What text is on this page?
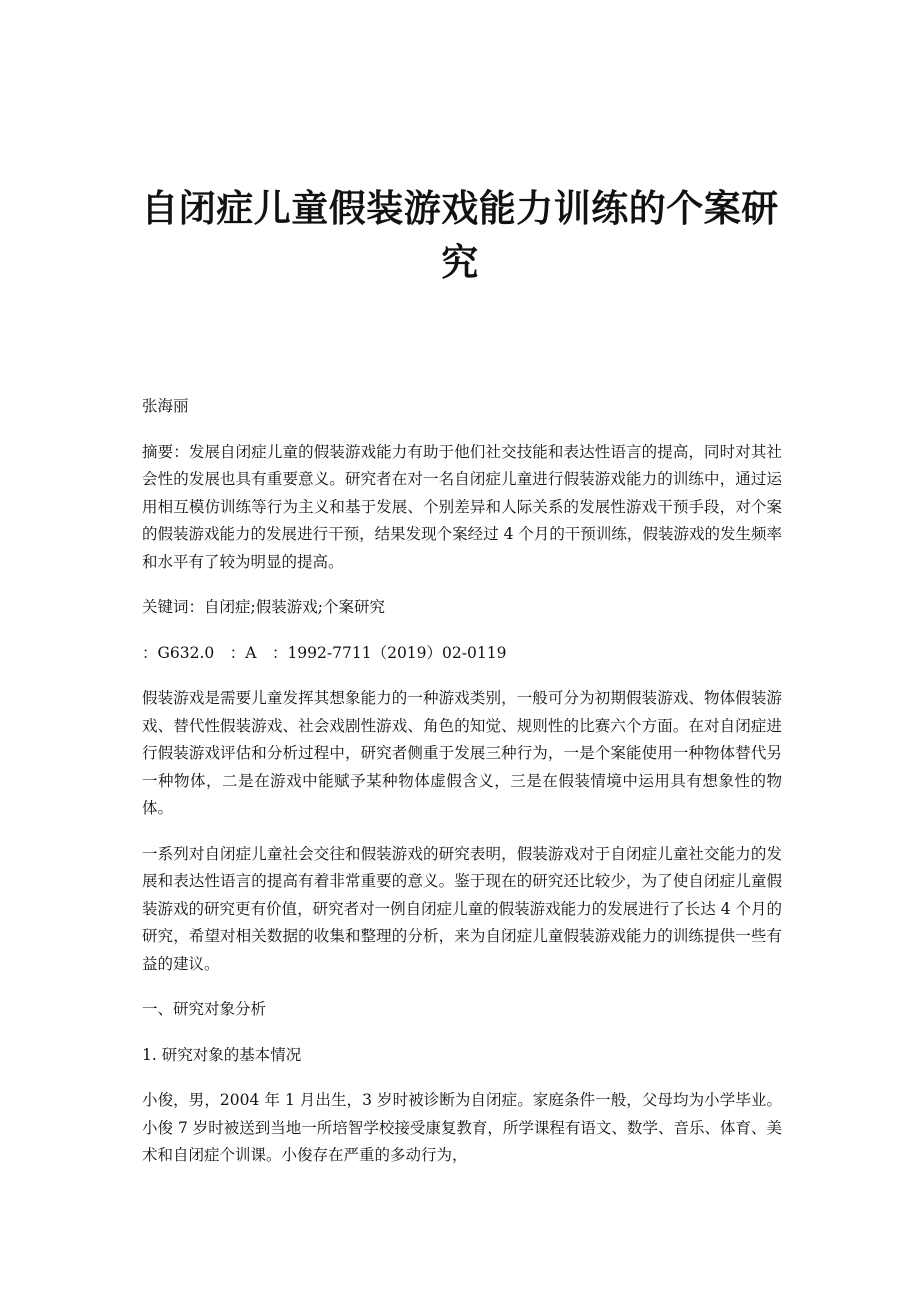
自闭症儿童假装游戏能力训练的个案研究

张海丽

摘要：发展自闭症儿童的假装游戏能力有助于他们社交技能和表达性语言的提高，同时对其社会性的发展也具有重要意义。研究者在对一名自闭症儿童进行假装游戏能力的训练中，通过运用相互模仿训练等行为主义和基于发展、个别差异和人际关系的发展性游戏干预手段，对个案的假装游戏能力的发展进行干预，结果发现个案经过 4 个月的干预训练，假装游戏的发生频率和水平有了较为明显的提高。

关键词：自闭症;假装游戏;个案研究

：G632.0　：A　：1992-7711（2019）02-0119

假装游戏是需要儿童发挥其想象能力的一种游戏类别，一般可分为初期假装游戏、物体假装游戏、替代性假装游戏、社会戏剧性游戏、角色的知觉、规则性的比赛六个方面。在对自闭症进行假装游戏评估和分析过程中，研究者侧重于发展三种行为，一是个案能使用一种物体替代另一种物体，二是在游戏中能赋予某种物体虚假含义，三是在假装情境中运用具有想象性的物体。

一系列对自闭症儿童社会交往和假装游戏的研究表明，假装游戏对于自闭症儿童社交能力的发展和表达性语言的提高有着非常重要的意义。鉴于现在的研究还比较少，为了使自闭症儿童假装游戏的研究更有价值，研究者对一例自闭症儿童的假装游戏能力的发展进行了长达 4 个月的研究，希望对相关数据的收集和整理的分析，来为自闭症儿童假装游戏能力的训练提供一些有益的建议。

一、研究对象分析

1. 研究对象的基本情况

小俊，男，2004 年 1 月出生，3 岁时被诊断为自闭症。家庭条件一般，父母均为小学毕业。小俊 7 岁时被送到当地一所培智学校接受康复教育，所学课程有语文、数学、音乐、体育、美术和自闭症个训课。小俊存在严重的多动行为，
